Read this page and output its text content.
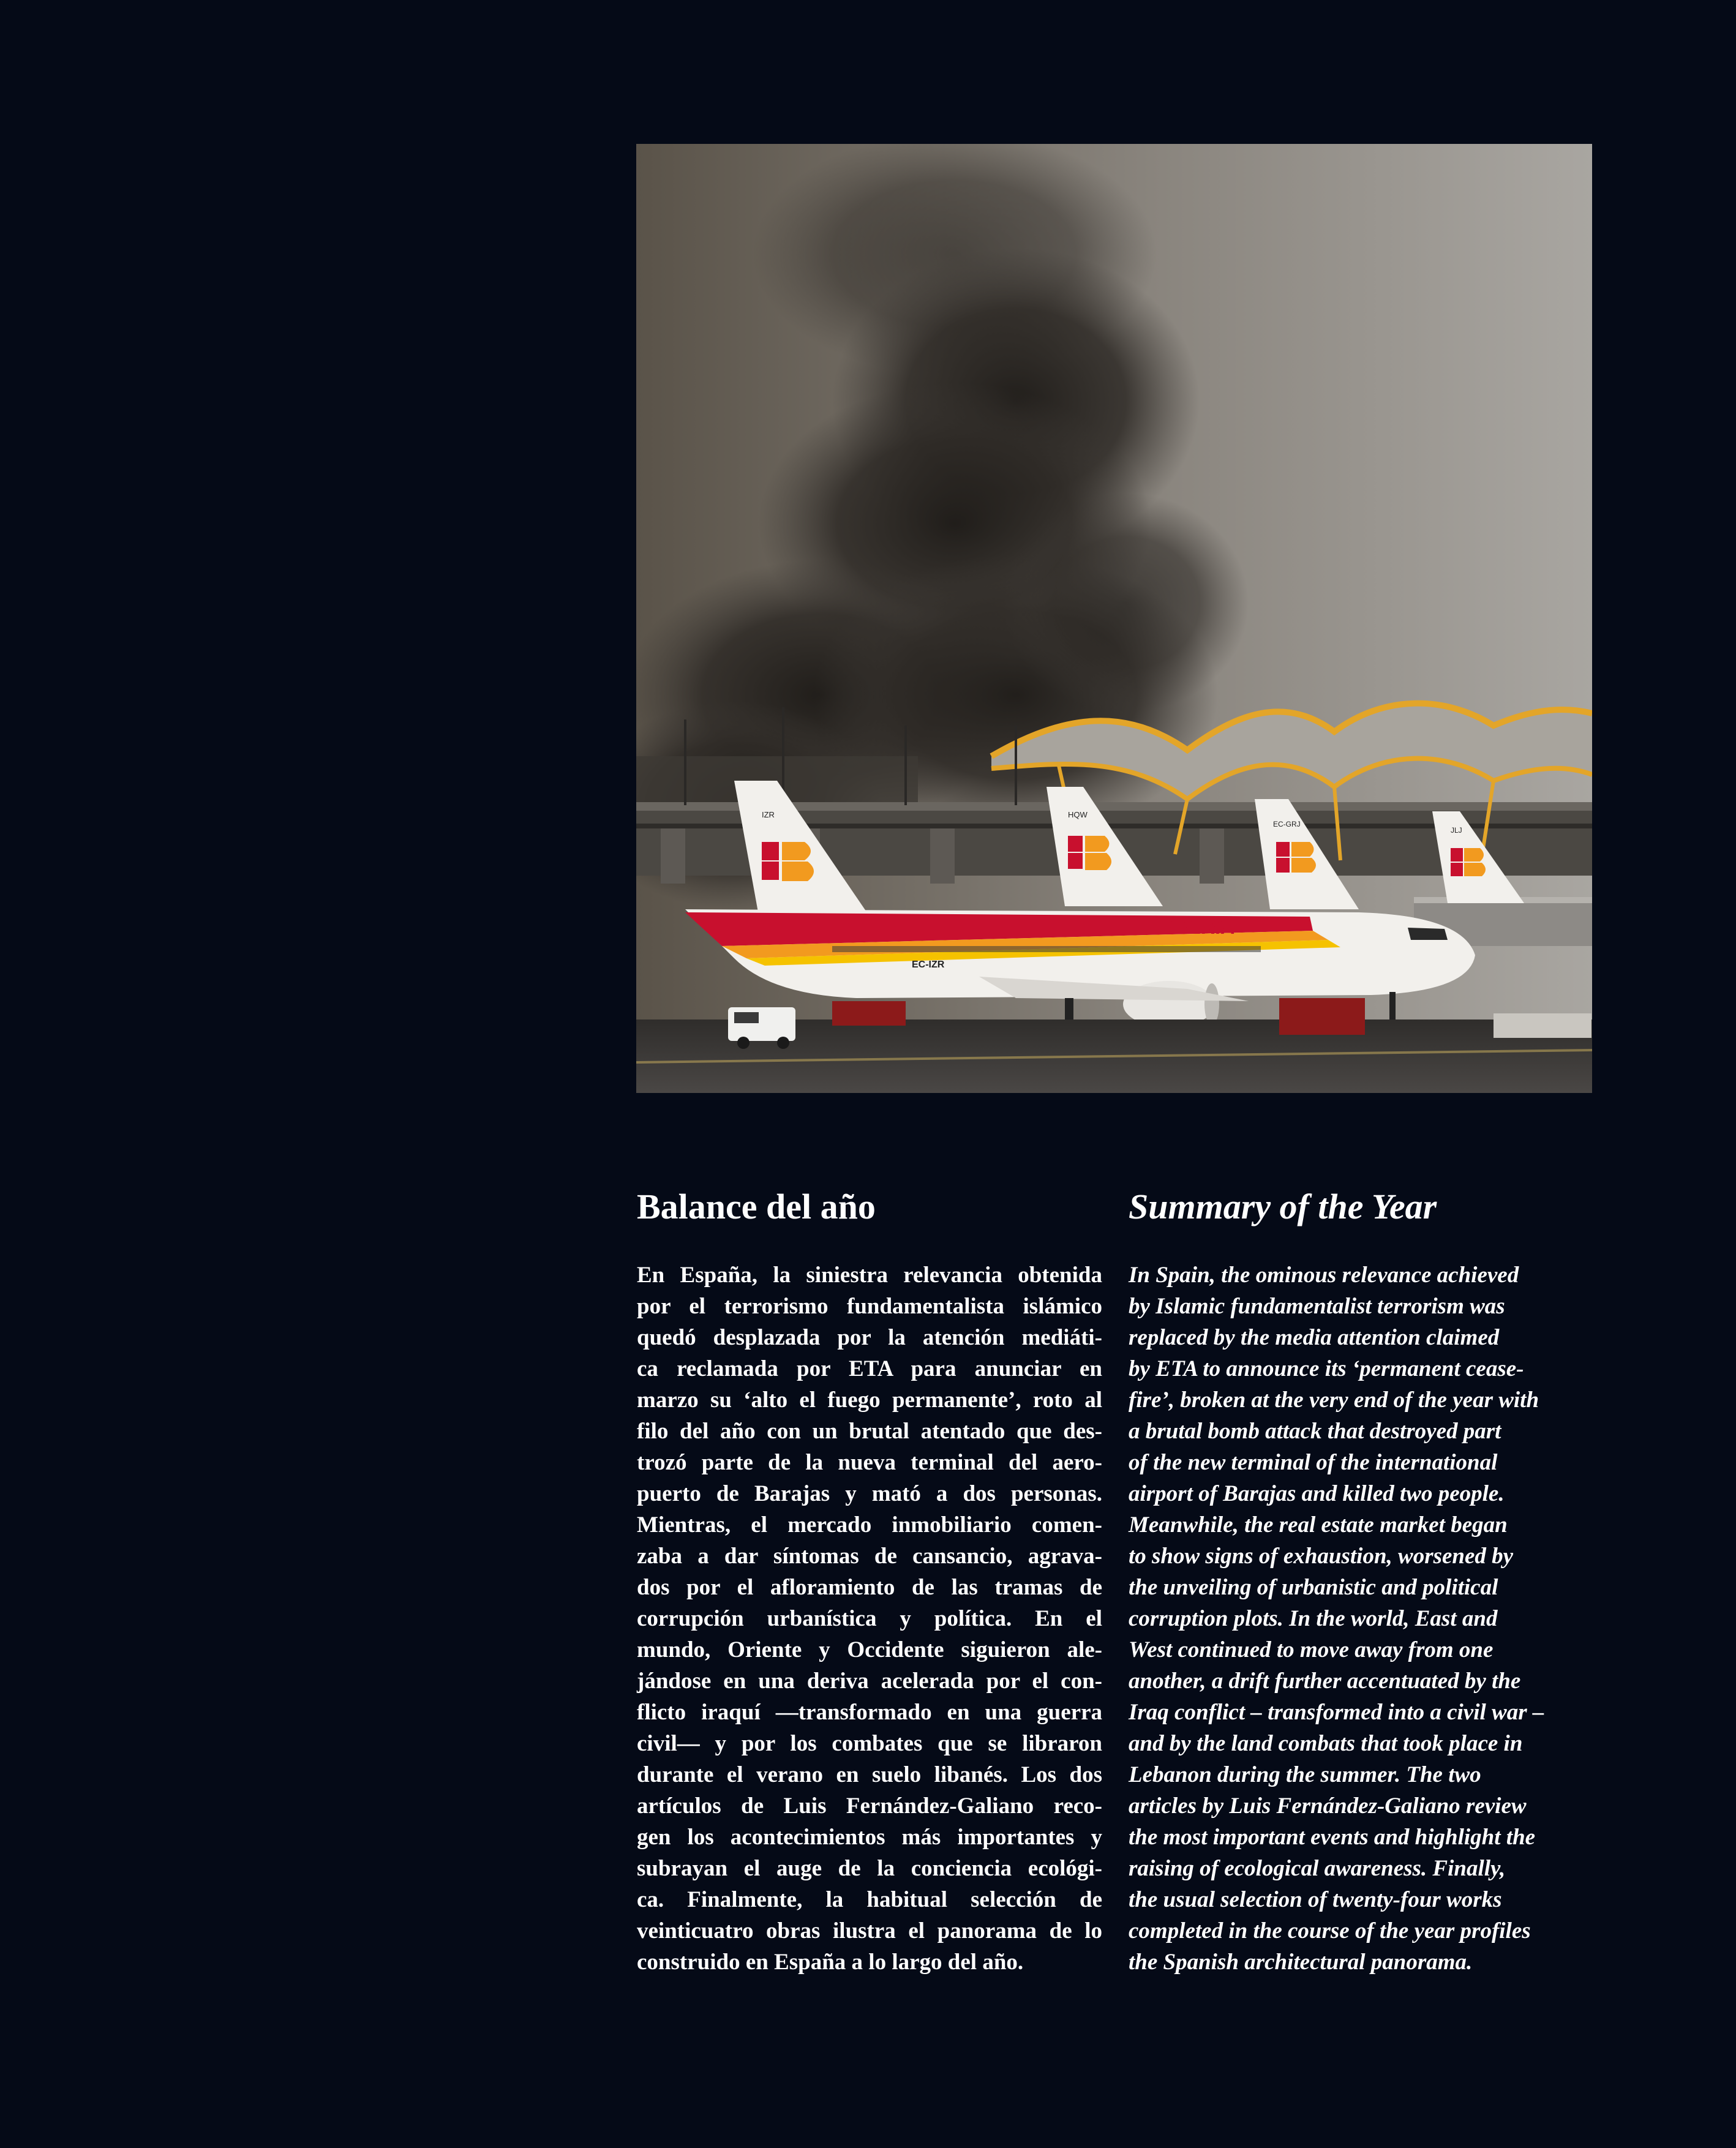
IBERIA
EC-IZR
IZR	HQW
EC-GRJ
JLJ
Balance del año
En España, la siniestra relevancia obtenida
por el terrorismo fundamentalista islámico
quedó desplazada por la atención mediáti-
ca reclamada por ETA para anunciar en
marzo su ‘alto el fuego permanente’, roto al
filo del año con un brutal atentado que des-
trozó parte de la nueva terminal del aero-
puerto de Barajas y mató a dos personas.
Mientras, el mercado inmobiliario comen-
zaba a dar síntomas de cansancio, agrava-
dos por el afloramiento de las tramas de
corrupción urbanística y política. En el
mundo, Oriente y Occidente siguieron ale-
jándose en una deriva acelerada por el con-
flicto iraquí —transformado en una guerra
civil— y por los combates que se libraron
durante el verano en suelo libanés. Los dos
artículos de Luis Fernández-Galiano reco-
gen los acontecimientos más importantes y
subrayan el auge de la conciencia ecológi-
ca. Finalmente, la habitual selección de
veinticuatro obras ilustra el panorama de lo
construido en España a lo largo del año.
Summary of the Year
In Spain, the ominous relevance achieved
by Islamic fundamentalist terrorism was
replaced by the media attention claimed
by ETA to announce its ‘permanent cease-
fire’, broken at the very end of the year with
a brutal bomb attack that destroyed part
of the new terminal of the international
airport of Barajas and killed two people.
Meanwhile, the real estate market began
to show signs of exhaustion, worsened by
the unveiling of urbanistic and political
corruption plots. In the world, East and
West continued to move away from one
another, a drift further accentuated by the
Iraq conflict – transformed into a civil war –
and by the land combats that took place in
Lebanon during the summer. The two
articles by Luis Fernández-Galiano review
the most important events and highlight the
raising of ecological awareness. Finally,
the usual selection of twenty-four works
completed in the course of the year profiles
the Spanish architectural panorama.
